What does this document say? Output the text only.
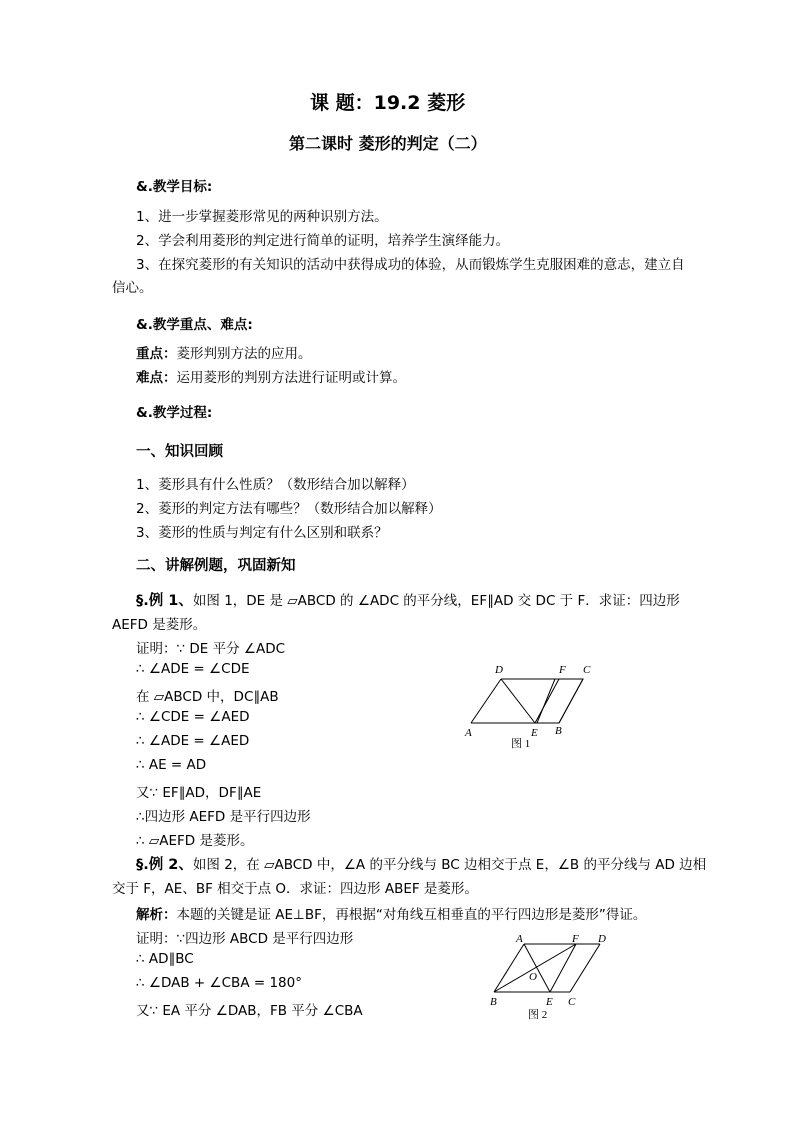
课 题：19.2 菱形
第二课时 菱形的判定（二）
&.教学目标:
1、进一步掌握菱形常见的两种识别方法。
2、学会利用菱形的判定进行简单的证明，培养学生演绎能力。
3、在探究菱形的有关知识的活动中获得成功的体验，从而锻炼学生克服困难的意志，建立自
信心。
&.教学重点、难点:
重点：菱形判别方法的应用。
难点：运用菱形的判别方法进行证明或计算。
&.教学过程:
一、知识回顾
1、菱形具有什么性质？（数形结合加以解释）
2、菱形的判定方法有哪些？（数形结合加以解释）
3、菱形的性质与判定有什么区别和联系？
二、讲解例题，巩固新知
§.例 1、如图 1，DE 是 ▱ABCD 的 ∠ADC 的平分线，EF∥AD 交 DC 于 F．求证：四边形
AEFD 是菱形。
证明：∵ DE 平分 ∠ADC
∴ ∠ADE = ∠CDE
在 ▱ABCD 中，DC∥AB
∴ ∠CDE = ∠AED
∴ ∠ADE = ∠AED
∴ AE = AD
又∵ EF∥AD，DF∥AE
∴四边形 AEFD 是平行四边形
∴ ▱AEFD 是菱形。
D	F C
A	E B
图 1
§.例 2、如图 2，在 ▱ABCD 中，∠A 的平分线与 BC 边相交于点 E，∠B 的平分线与 AD 边相
交于 F，AE、BF 相交于点 O．求证：四边形 ABEF 是菱形。
解析：本题的关键是证 AE⊥BF，再根据“对角线互相垂直的平行四边形是菱形”得证。
证明：∵四边形 ABCD 是平行四边形
∴ AD∥BC
∴ ∠DAB + ∠CBA = 180°
又∵ EA 平分 ∠DAB，FB 平分 ∠CBA
A	F D
O
B	E C
图 2
